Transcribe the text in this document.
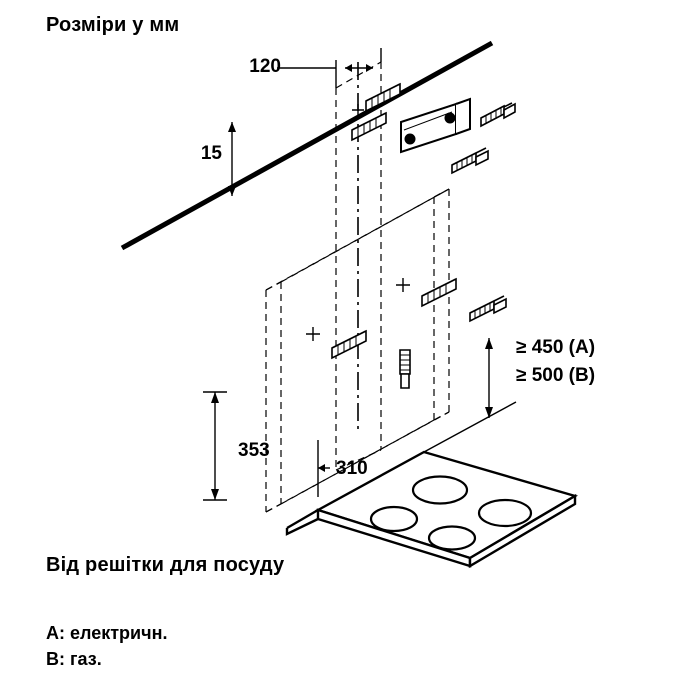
Розміри у мм
120
15
353
310
≥ 450 (A)
≥ 500 (B)
Від решітки для посуду
A: електричн.
B: газ.
